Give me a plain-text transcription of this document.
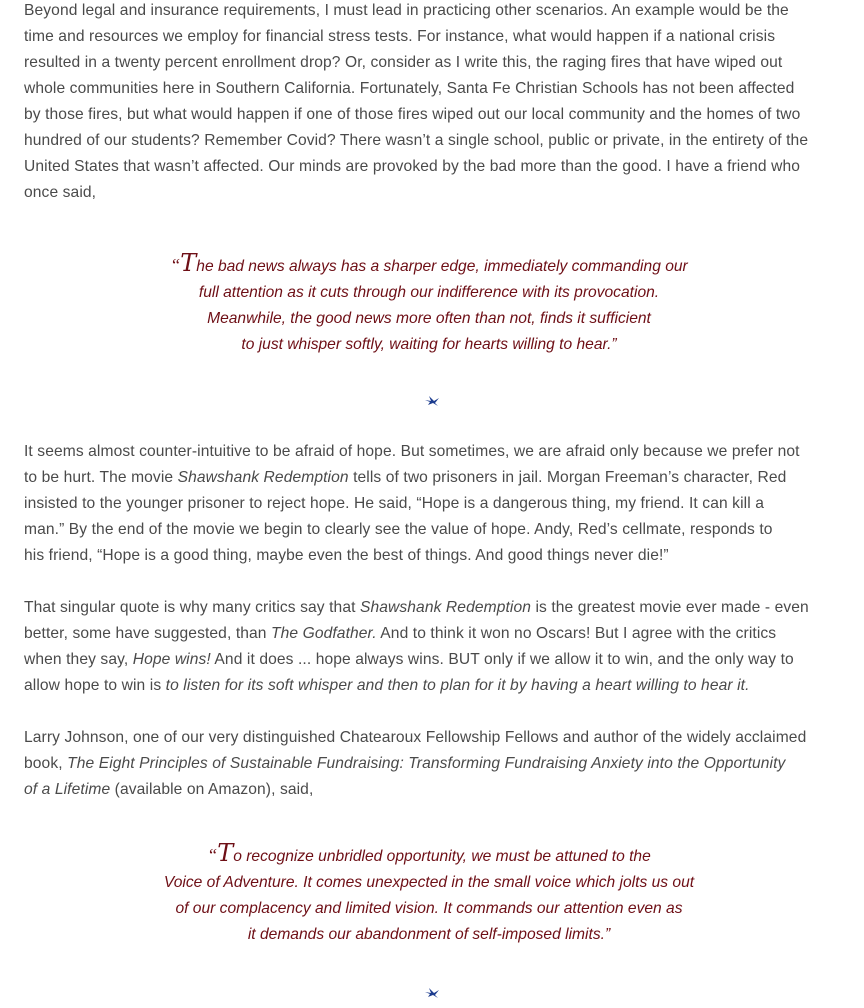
Beyond legal and insurance requirements, I must lead in practicing other scenarios. An example would be the
time and resources we employ for financial stress tests. For instance, what would happen if a national crisis
resulted in a twenty percent enrollment drop? Or, consider as I write this, the raging fires that have wiped out
whole communities here in Southern California. Fortunately, Santa Fe Christian Schools has not been affected
by those fires, but what would happen if one of those fires wiped out our local community and the homes of two
hundred of our students? Remember Covid? There wasn’t a single school, public or private, in the entirety of the
United States that wasn’t affected. Our minds are provoked by the bad more than the good. I have a friend who
once said,
“The bad news always has a sharper edge, immediately commanding our
full attention as it cuts through our indifference with its provocation.
Meanwhile, the good news more often than not, finds it sufficient
to just whisper softly, waiting for hearts willing to hear.”
It seems almost counter-intuitive to be afraid of hope. But sometimes, we are afraid only because we prefer not
to be hurt. The movie Shawshank Redemption tells of two prisoners in jail. Morgan Freeman’s character, Red
insisted to the younger prisoner to reject hope. He said, “Hope is a dangerous thing, my friend. It can kill a
man.” By the end of the movie we begin to clearly see the value of hope. Andy, Red’s cellmate, responds to
his friend, “Hope is a good thing, maybe even the best of things. And good things never die!”
That singular quote is why many critics say that Shawshank Redemption is the greatest movie ever made - even
better, some have suggested, than The Godfather. And to think it won no Oscars! But I agree with the critics
when they say, Hope wins! And it does ... hope always wins. BUT only if we allow it to win, and the only way to
allow hope to win is to listen for its soft whisper and then to plan for it by having a heart willing to hear it.
Larry Johnson, one of our very distinguished Chatearoux Fellowship Fellows and author of the widely acclaimed
book, The Eight Principles of Sustainable Fundraising: Transforming Fundraising Anxiety into the Opportunity
of a Lifetime (available on Amazon), said,
“To recognize unbridled opportunity, we must be attuned to the
Voice of Adventure. It comes unexpected in the small voice which jolts us out
of our complacency and limited vision. It commands our attention even as
it demands our abandonment of self-imposed limits.”
